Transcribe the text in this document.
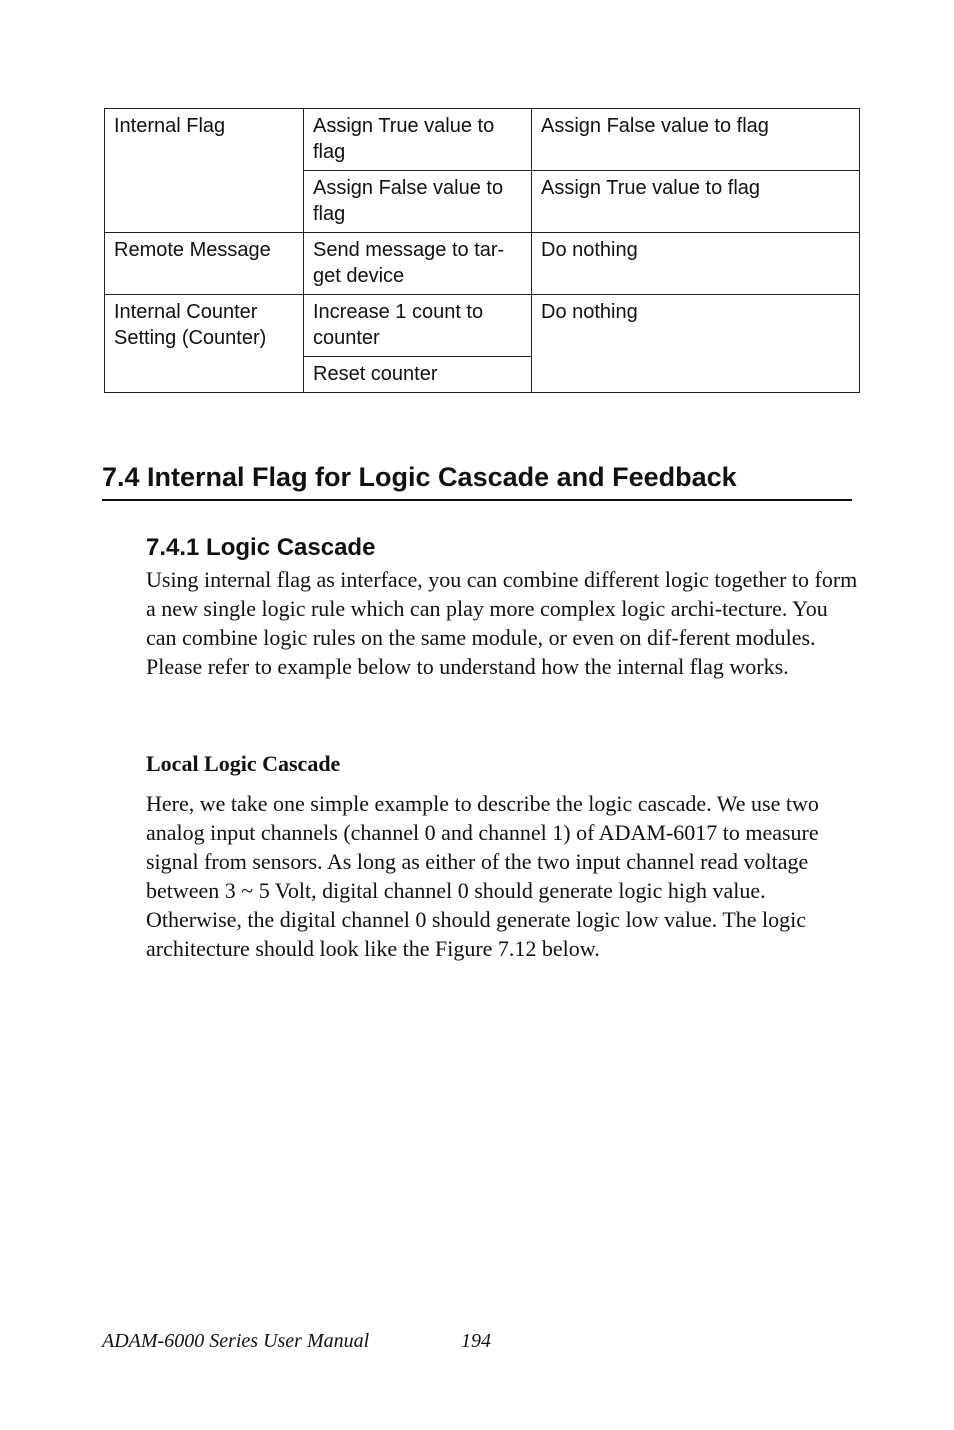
Internal Flag	Assign True value to flag	Assign False value to flag
	Assign False value to flag	Assign True value to flag
Remote Message	Send message to tar-get device	Do nothing
Internal Counter Setting (Counter)	Increase 1 count to counter	Do nothing
	Reset counter	
7.4 Internal Flag for Logic Cascade and Feedback
7.4.1 Logic Cascade

Using internal flag as interface, you can combine different logic together to form a new single logic rule which can play more complex logic archi-tecture. You can combine logic rules on the same module, or even on dif-ferent modules. Please refer to example below to understand how the internal flag works.

Local Logic Cascade

Here, we take one simple example to describe the logic cascade. We use two analog input channels (channel 0 and channel 1) of ADAM-6017 to measure signal from sensors. As long as either of the two input channel read voltage between 3 ~ 5 Volt, digital channel 0 should generate logic high value. Otherwise, the digital channel 0 should generate logic low value. The logic architecture should look like the Figure 7.12 below.

ADAM-6000 Series User Manual	194
